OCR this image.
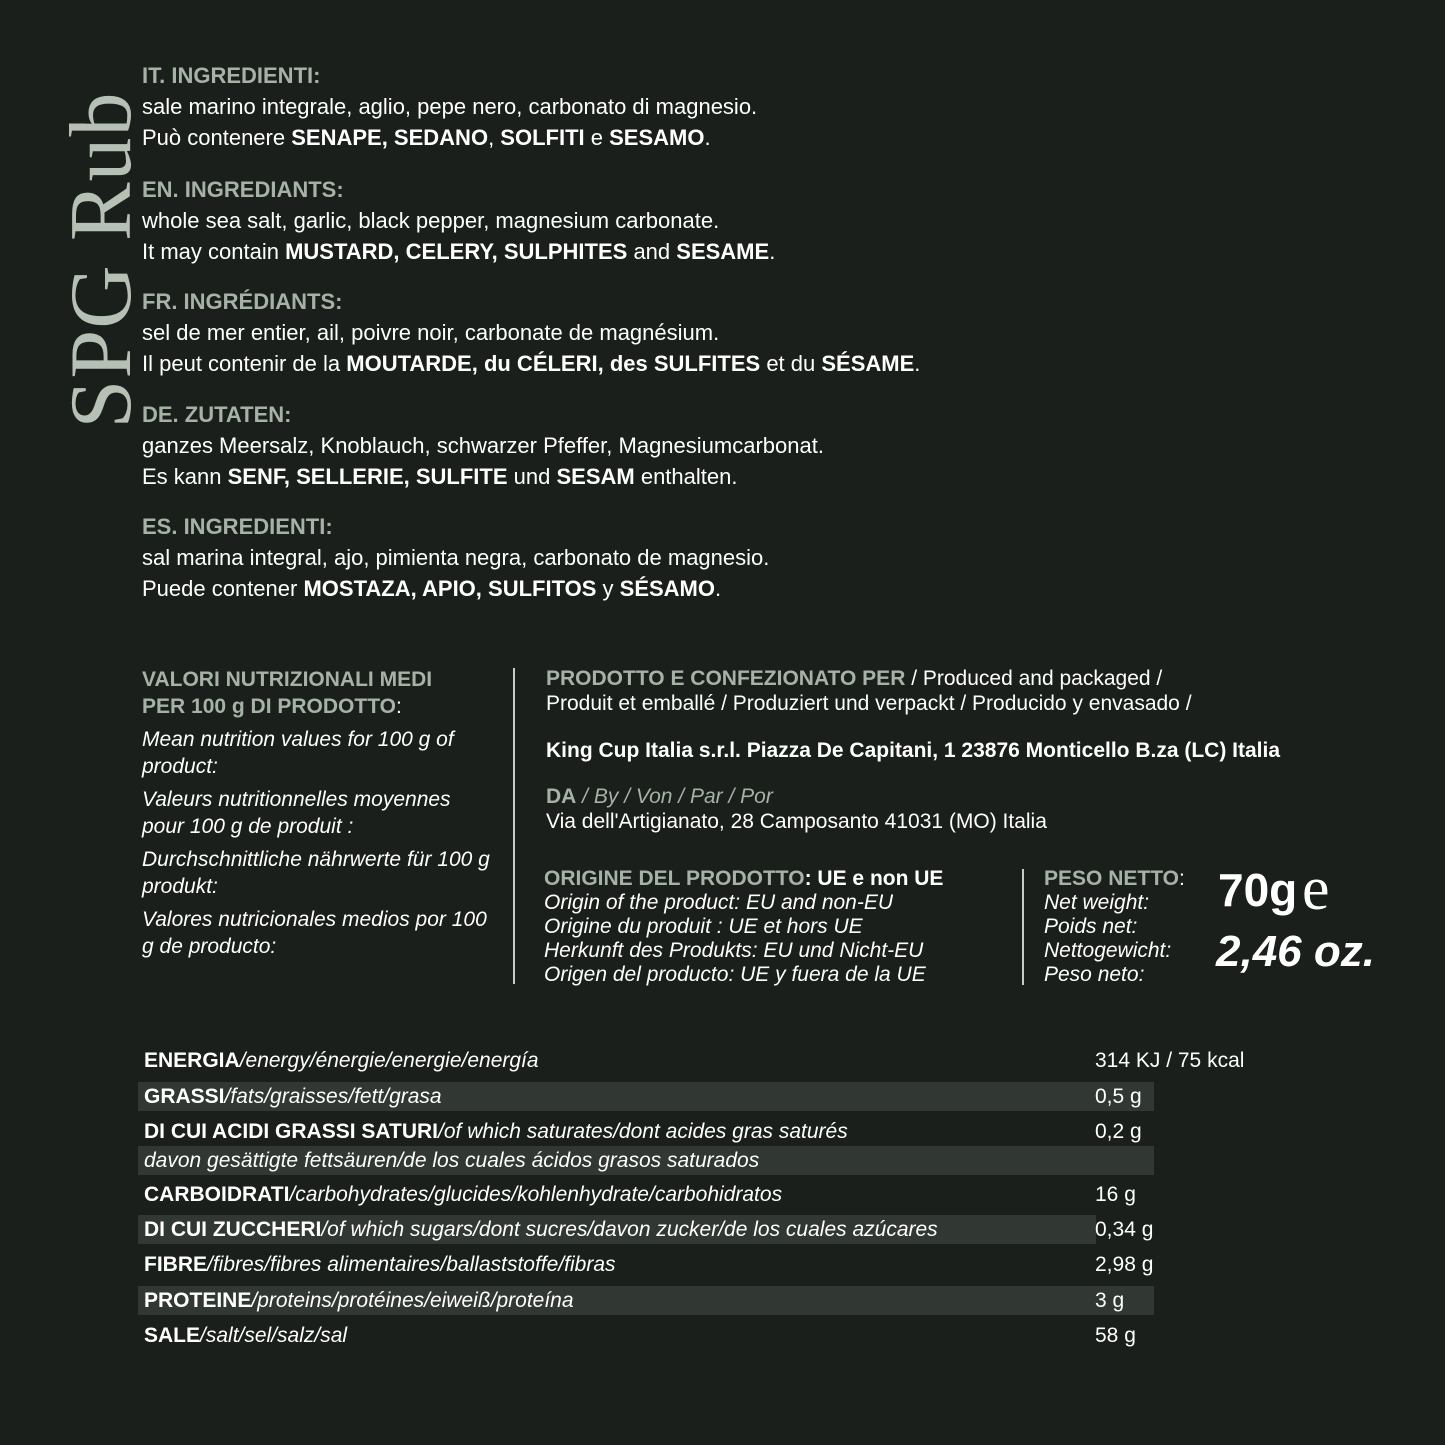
SPG Rub
IT. INGREDIENTI:
sale marino integrale, aglio, pepe nero, carbonato di magnesio.
Può contenere SENAPE, SEDANO, SOLFITI e SESAMO.
EN. INGREDIANTS:
whole sea salt, garlic, black pepper, magnesium carbonate.
It may contain MUSTARD, CELERY, SULPHITES and SESAME.
FR. INGRÉDIANTS:
sel de mer entier, ail, poivre noir, carbonate de magnésium.
Il peut contenir de la MOUTARDE, du CÉLERI, des SULFITES et du SÉSAME.
DE. ZUTATEN:
ganzes Meersalz, Knoblauch, schwarzer Pfeffer, Magnesiumcarbonat.
Es kann SENF, SELLERIE, SULFITE und SESAM enthalten.
ES. INGREDIENTI:
sal marina integral, ajo, pimienta negra, carbonato de magnesio.
Puede contener MOSTAZA, APIO, SULFITOS y SÉSAMO.
VALORI NUTRIZIONALI MEDI
PER 100 g DI PRODOTTO:
Mean nutrition values for 100 g of product:
Valeurs nutritionnelles moyennes pour 100 g de produit :
Durchschnittliche nährwerte für 100 g produkt:
Valores nutricionales medios por 100 g de producto:
PRODOTTO E CONFEZIONATO PER / Produced and packaged /
Produit et emballé / Produziert und verpackt / Producido y envasado /
King Cup Italia s.r.l. Piazza De Capitani, 1 23876 Monticello B.za (LC) Italia
DA / By / Von / Par / Por
Via dell'Artigianato, 28 Camposanto 41031 (MO) Italia
ORIGINE DEL PRODOTTO: UE e non UE
Origin of the product: EU and non-EU
Origine du produit : UE et hors UE
Herkunft des Produkts: EU und Nicht-EU
Origen del producto: UE y fuera de la UE
PESO NETTO:
Net weight:
Poids net:
Nettogewicht:
Peso neto:
70g e
2,46 oz.
ENERGIA/energy/énergie/energie/energía	314 KJ / 75 kcal
GRASSI/fats/graisses/fett/grasa	0,5 g
DI CUI ACIDI GRASSI SATURI/of which saturates/dont acides gras saturés	0,2 g
davon gesättigte fettsäuren/de los cuales ácidos grasos saturados
CARBOIDRATI/carbohydrates/glucides/kohlenhydrate/carbohidratos	16 g
DI CUI ZUCCHERI/of which sugars/dont sucres/davon zucker/de los cuales azúcares	0,34 g
FIBRE/fibres/fibres alimentaires/ballaststoffe/fibras	2,98 g
PROTEINE/proteins/protéines/eiweiß/proteína	3 g
SALE/salt/sel/salz/sal	58 g
